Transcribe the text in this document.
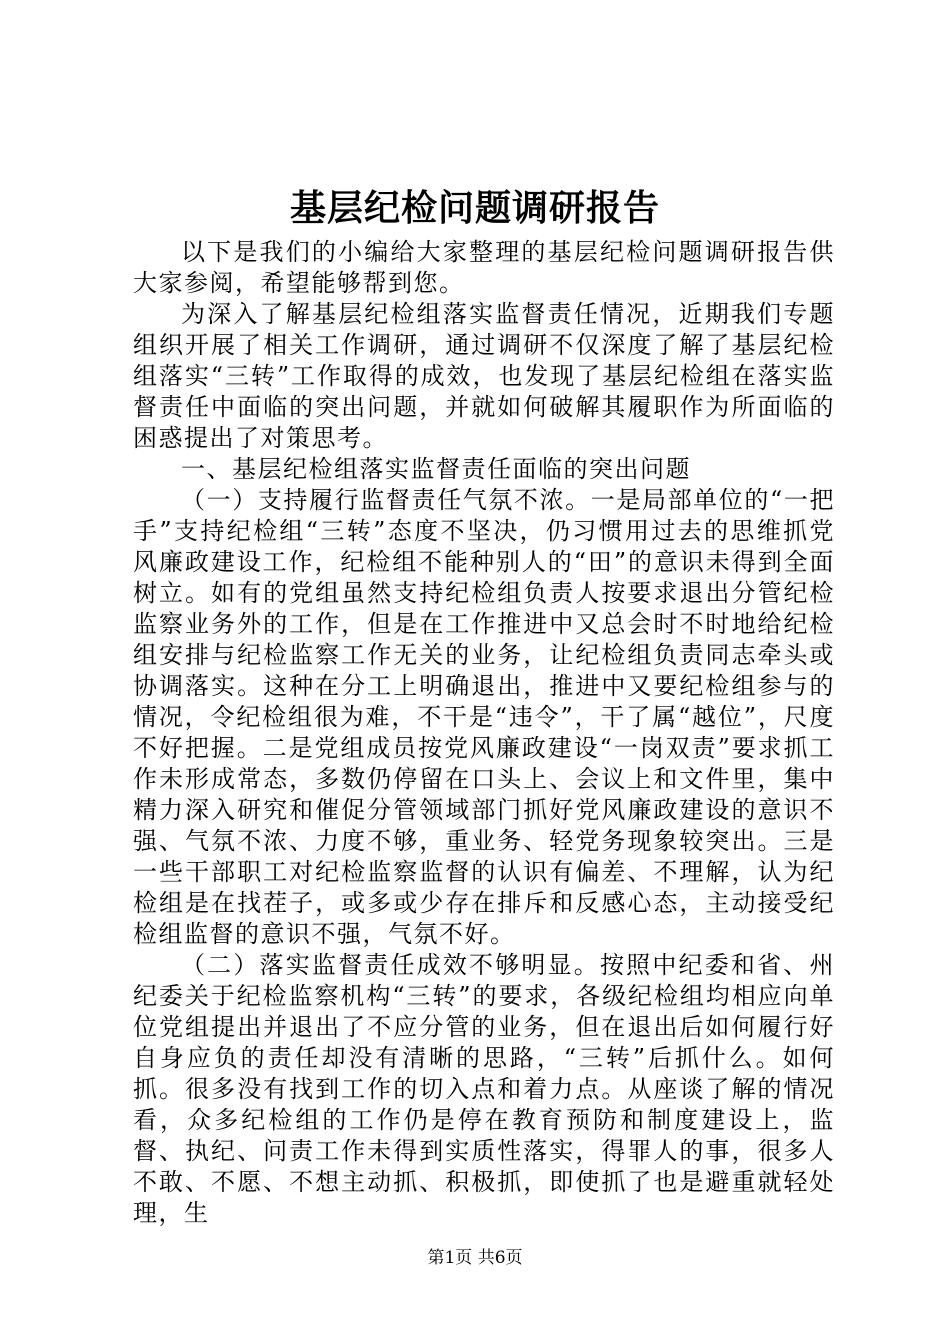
基层纪检问题调研报告

以下是我们的小编给大家整理的基层纪检问题调研报告供大家参阅，希望能够帮到您。

为深入了解基层纪检组落实监督责任情况，近期我们专题组织开展了相关工作调研，通过调研不仅深度了解了基层纪检组落实“三转”工作取得的成效，也发现了基层纪检组在落实监督责任中面临的突出问题，并就如何破解其履职作为所面临的困惑提出了对策思考。

一、基层纪检组落实监督责任面临的突出问题

（一）支持履行监督责任气氛不浓。一是局部单位的“一把手”支持纪检组“三转”态度不坚决，仍习惯用过去的思维抓党风廉政建设工作，纪检组不能种别人的“田”的意识未得到全面树立。如有的党组虽然支持纪检组负责人按要求退出分管纪检监察业务外的工作，但是在工作推进中又总会时不时地给纪检组安排与纪检监察工作无关的业务，让纪检组负责同志牵头或协调落实。这种在分工上明确退出，推进中又要纪检组参与的情况，令纪检组很为难，不干是“违令”，干了属“越位”，尺度不好把握。二是党组成员按党风廉政建设“一岗双责”要求抓工作未形成常态，多数仍停留在口头上、会议上和文件里，集中精力深入研究和催促分管领域部门抓好党风廉政建设的意识不强、气氛不浓、力度不够，重业务、轻党务现象较突出。三是一些干部职工对纪检监察监督的认识有偏差、不理解，认为纪检组是在找茬子，或多或少存在排斥和反感心态，主动接受纪检组监督的意识不强，气氛不好。

（二）落实监督责任成效不够明显。按照中纪委和省、州纪委关于纪检监察机构“三转”的要求，各级纪检组均相应向单位党组提出并退出了不应分管的业务，但在退出后如何履行好自身应负的责任却没有清晰的思路，“三转”后抓什么。如何抓。很多没有找到工作的切入点和着力点。从座谈了解的情况看，众多纪检组的工作仍是停在教育预防和制度建设上，监督、执纪、问责工作未得到实质性落实，得罪人的事，很多人不敢、不愿、不想主动抓、积极抓，即使抓了也是避重就轻处理，生

第1页 共6页
